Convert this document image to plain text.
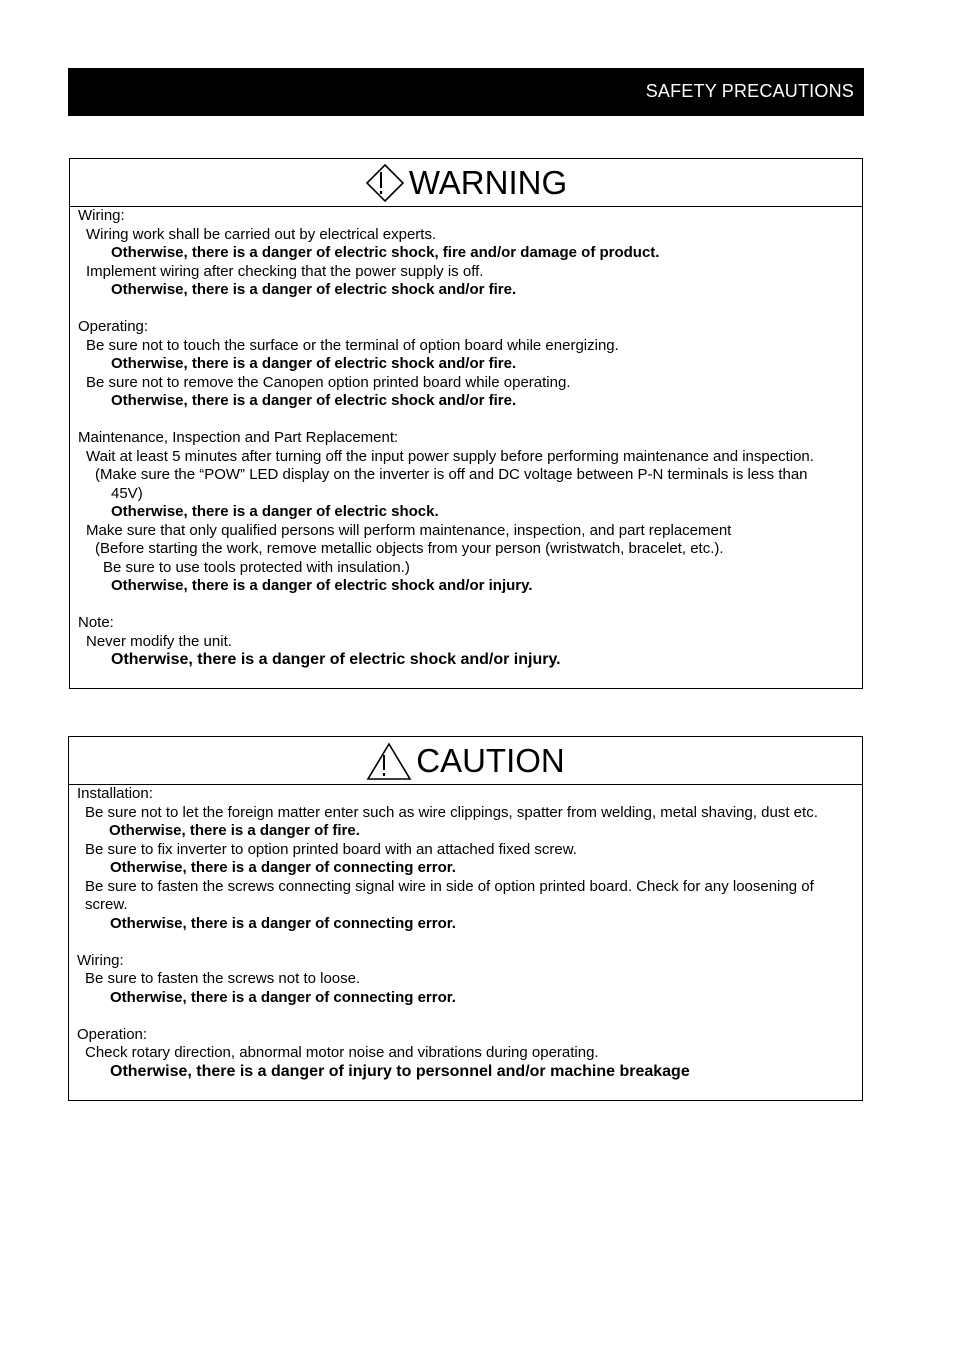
SAFETY PRECAUTIONS
WARNING
Wiring:
Wiring work shall be carried out by electrical experts.
Otherwise, there is a danger of electric shock, fire and/or damage of product.
Implement wiring after checking that the power supply is off.
Otherwise, there is a danger of electric shock and/or fire.
Operating:
Be sure not to touch the surface or the terminal of option board while energizing.
Otherwise, there is a danger of electric shock and/or fire.
Be sure not to remove the Canopen option printed board while operating.
Otherwise, there is a danger of electric shock and/or fire.
Maintenance, Inspection and Part Replacement:
Wait at least 5 minutes after turning off the input power supply before performing maintenance and inspection.
(Make sure the “POW” LED display on the inverter is off and DC voltage between P-N terminals is less than 45V)
Otherwise, there is a danger of electric shock.
Make sure that only qualified persons will perform maintenance, inspection, and part replacement
(Before starting the work, remove metallic objects from your person (wristwatch, bracelet, etc.).
Be sure to use tools protected with insulation.)
Otherwise, there is a danger of electric shock and/or injury.
Note:
Never modify the unit.
Otherwise, there is a danger of electric shock and/or injury.
CAUTION
Installation:
Be sure not to let the foreign matter enter such as wire clippings, spatter from welding, metal shaving, dust etc.
Otherwise, there is a danger of fire.
Be sure to fix inverter to option printed board with an attached fixed screw.
Otherwise, there is a danger of connecting error.
Be sure to fasten the screws connecting signal wire in side of option printed board. Check for any loosening of screw.
Otherwise, there is a danger of connecting error.
Wiring:
Be sure to fasten the screws not to loose.
Otherwise, there is a danger of connecting error.
Operation:
Check rotary direction, abnormal motor noise and vibrations during operating.
Otherwise, there is a danger of injury to personnel and/or machine breakage
